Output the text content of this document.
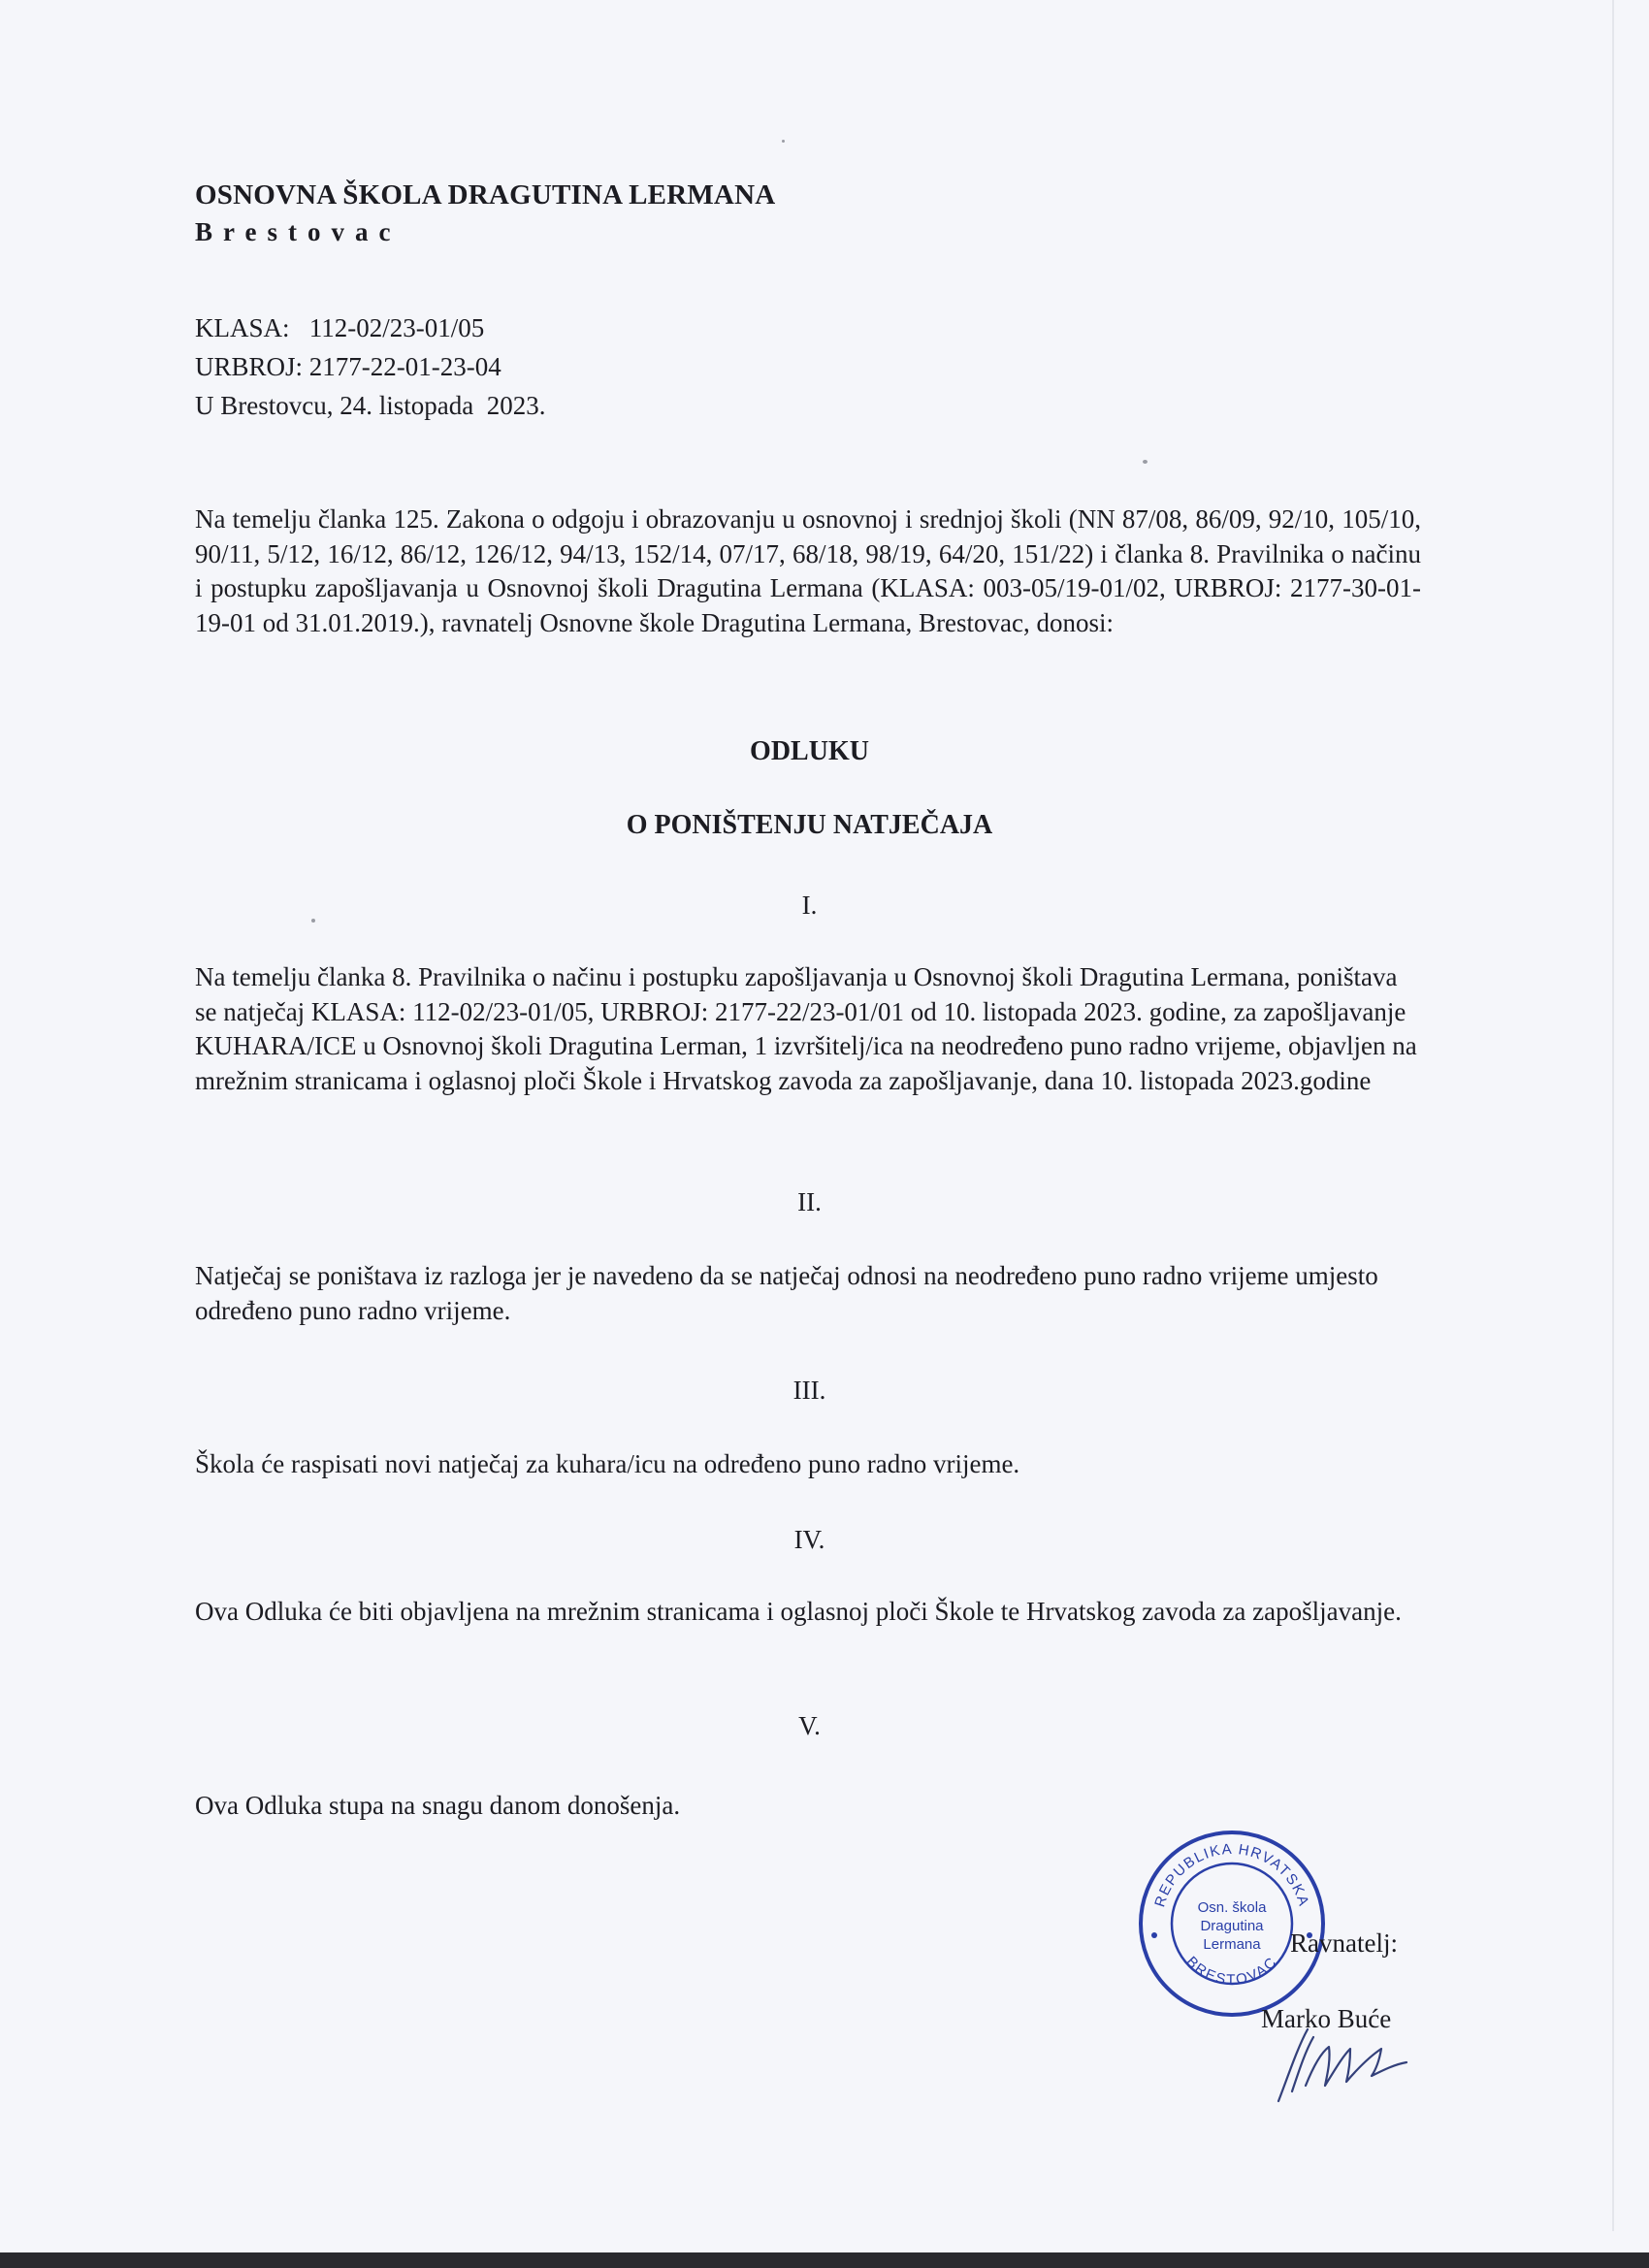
OSNOVNA ŠKOLA DRAGUTINA LERMANA
Brestovac
KLASA:   112-02/23-01/05
URBROJ: 2177-22-01-23-04
U Brestovcu, 24. listopada  2023.
Na temelju članka 125. Zakona o odgoju i obrazovanju u osnovnoj i srednjoj školi (NN 87/08, 86/09, 92/10, 105/10, 90/11, 5/12, 16/12, 86/12, 126/12, 94/13, 152/14, 07/17, 68/18, 98/19, 64/20, 151/22) i članka 8. Pravilnika o načinu i postupku zapošljavanja u Osnovnoj školi Dragutina Lermana (KLASA: 003-05/19-01/02, URBROJ: 2177-30-01-19-01 od 31.01.2019.), ravnatelj Osnovne škole Dragutina Lermana, Brestovac, donosi:
ODLUKU
O PONIŠTENJU NATJEČAJA
I.
Na temelju članka 8. Pravilnika o načinu i postupku zapošljavanja u Osnovnoj školi Dragutina Lermana, poništava se natječaj KLASA: 112-02/23-01/05, URBROJ: 2177-22/23-01/01 od 10. listopada 2023. godine, za zapošljavanje KUHARA/ICE u Osnovnoj školi Dragutina Lerman, 1 izvršitelj/ica na neodređeno puno radno vrijeme, objavljen na mrežnim stranicama i oglasnoj ploči Škole i Hrvatskog zavoda za zapošljavanje, dana 10. listopada 2023.godine
II.
Natječaj se poništava iz razloga jer je navedeno da se natječaj odnosi na neodređeno puno radno vrijeme umjesto određeno puno radno vrijeme.
III.
Škola će raspisati novi natječaj za kuhara/icu na određeno puno radno vrijeme.
IV.
Ova Odluka će biti objavljena na mrežnim stranicama i oglasnoj ploči Škole te Hrvatskog zavoda za zapošljavanje.
V.
Ova Odluka stupa na snagu danom donošenja.
REPUBLIKA HRVATSKA
BRESTOVAC
Osn. škola
Dragutina
Lermana Ravnatelj:
Marko Buće
